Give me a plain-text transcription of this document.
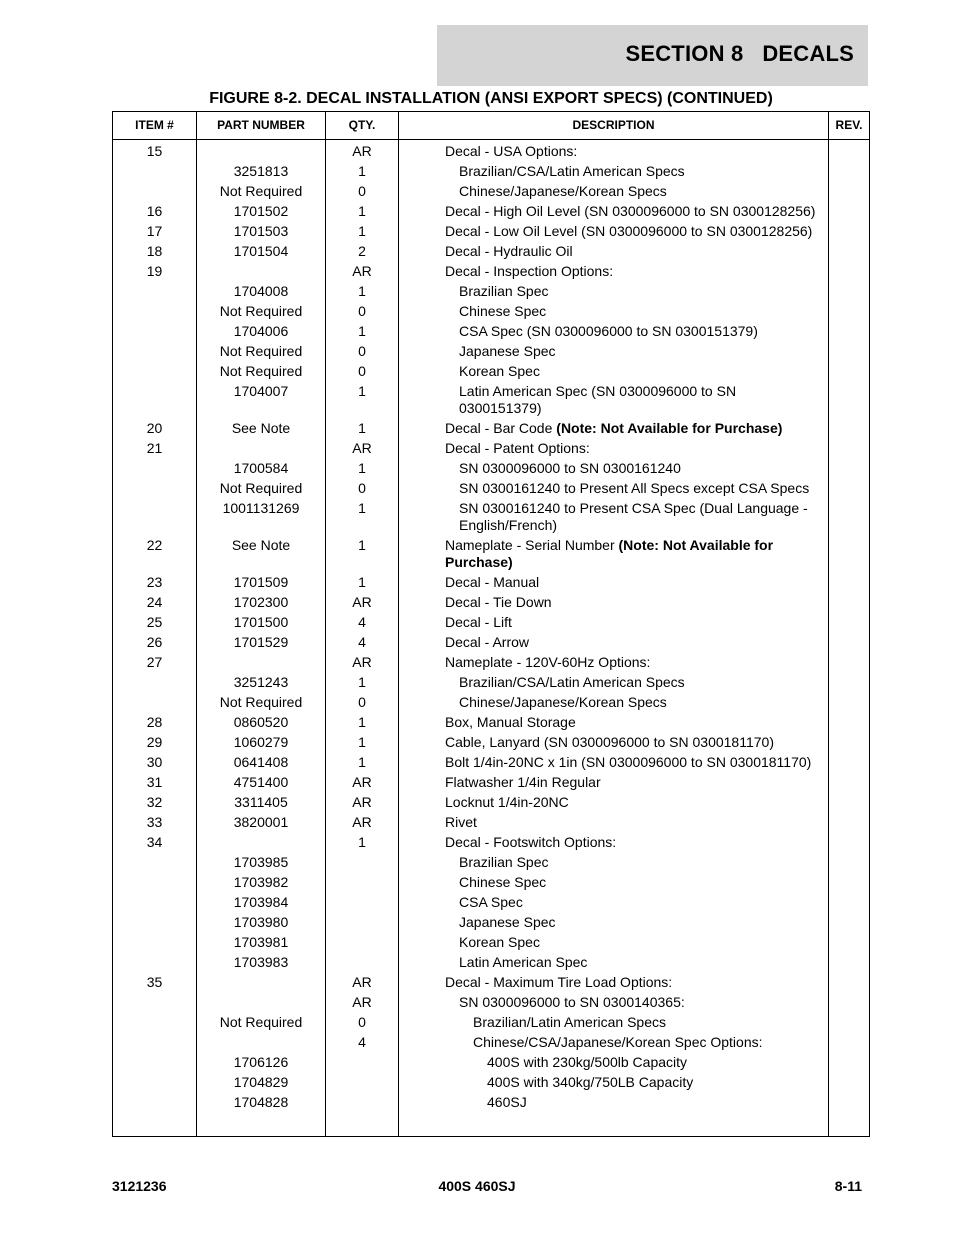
SECTION 8   DECALS
FIGURE 8-2. DECAL INSTALLATION (ANSI EXPORT SPECS) (CONTINUED)
ITEM #	PART NUMBER	QTY.	DESCRIPTION	REV.
15		AR	Decal - USA Options:	

	3251813	1	Brazilian/CSA/Latin American Specs	

	Not Required	0	Chinese/Japanese/Korean Specs	

16	1701502	1	Decal - High Oil Level (SN 0300096000 to SN 0300128256)	

17	1701503	1	Decal - Low Oil Level (SN 0300096000 to SN 0300128256)	

18	1701504	2	Decal - Hydraulic Oil	

19		AR	Decal - Inspection Options:	

	1704008	1	Brazilian Spec	

	Not Required	0	Chinese Spec	

	1704006	1	CSA Spec (SN 0300096000 to SN 0300151379)	

	Not Required	0	Japanese Spec	

	Not Required	0	Korean Spec	

	1704007	1	Latin American Spec (SN 0300096000 to SN 0300151379)	

20	See Note	1	Decal - Bar Code (Note: Not Available for Purchase)	

21		AR	Decal - Patent Options:	

	1700584	1	SN 0300096000 to SN 0300161240	

	Not Required	0	SN 0300161240 to Present All Specs except CSA Specs	

	1001131269	1	SN 0300161240 to Present CSA Spec (Dual Language - English/French)	

22	See Note	1	Nameplate - Serial Number (Note: Not Available for Purchase)	

23	1701509	1	Decal - Manual	

24	1702300	AR	Decal - Tie Down	

25	1701500	4	Decal - Lift	

26	1701529	4	Decal - Arrow	

27		AR	Nameplate - 120V-60Hz Options:	

	3251243	1	Brazilian/CSA/Latin American Specs	

	Not Required	0	Chinese/Japanese/Korean Specs	

28	0860520	1	Box, Manual Storage	

29	1060279	1	Cable, Lanyard (SN 0300096000 to SN 0300181170)	

30	0641408	1	Bolt 1/4in-20NC x 1in (SN 0300096000 to SN 0300181170)	

31	4751400	AR	Flatwasher 1/4in Regular	

32	3311405	AR	Locknut 1/4in-20NC	

33	3820001	AR	Rivet	

34		1	Decal - Footswitch Options:	

	1703985		Brazilian Spec	

	1703982		Chinese Spec	

	1703984		CSA Spec	

	1703980		Japanese Spec	

	1703981		Korean Spec	

	1703983		Latin American Spec	

35		AR	Decal - Maximum Tire Load Options:	

		AR	SN 0300096000 to SN 0300140365:	

	Not Required	0	Brazilian/Latin American Specs	

		4	Chinese/CSA/Japanese/Korean Spec Options:	

	1706126		400S with 230kg/500lb Capacity	

	1704829		400S with 340kg/750LB Capacity	

	1704828		460SJ	

3121236	400S 460SJ	8-11
